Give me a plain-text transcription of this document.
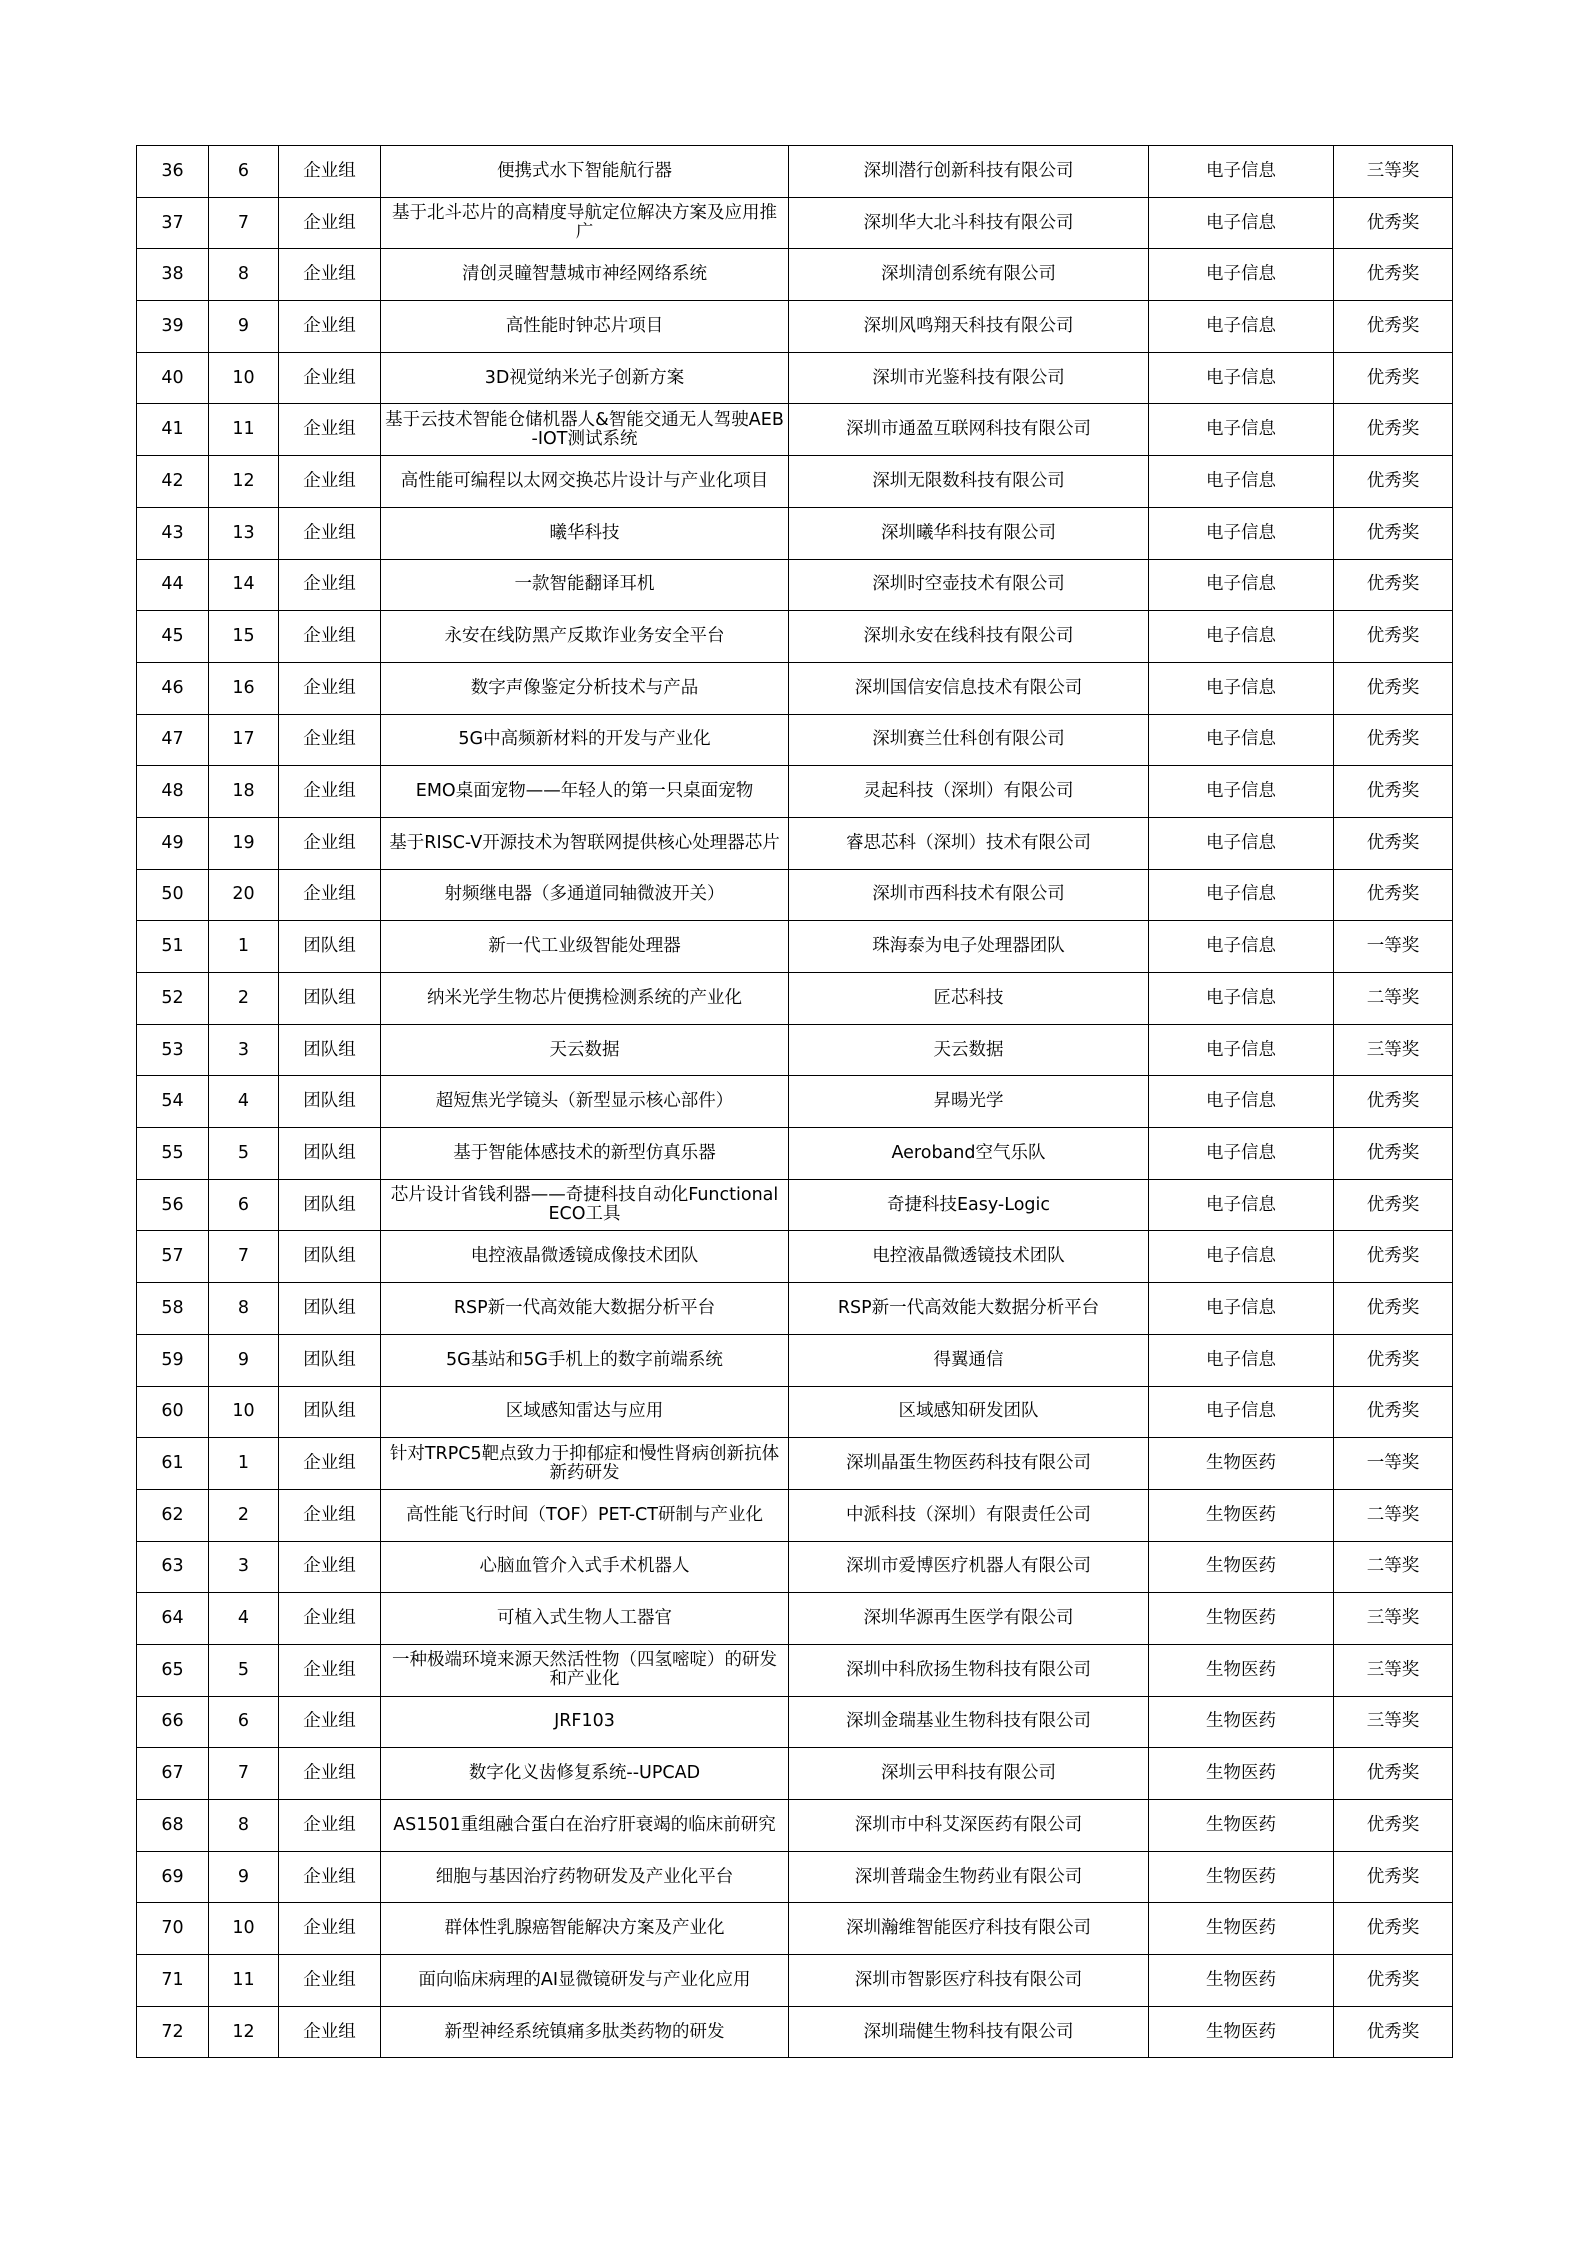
36	6	企业组	便携式水下智能航行器	深圳潜行创新科技有限公司	电子信息	三等奖
37	7	企业组	基于北斗芯片的高精度导航定位解决方案及应用推广	深圳华大北斗科技有限公司	电子信息	优秀奖
38	8	企业组	清创灵瞳智慧城市神经网络系统	深圳清创系统有限公司	电子信息	优秀奖
39	9	企业组	高性能时钟芯片项目	深圳风鸣翔天科技有限公司	电子信息	优秀奖
40	10	企业组	3D视觉纳米光子创新方案	深圳市光鉴科技有限公司	电子信息	优秀奖
41	11	企业组	基于云技术智能仓储机器人&智能交通无人驾驶AEB-IOT测试系统	深圳市通盈互联网科技有限公司	电子信息	优秀奖
42	12	企业组	高性能可编程以太网交换芯片设计与产业化项目	深圳无限数科技有限公司	电子信息	优秀奖
43	13	企业组	曦华科技	深圳曦华科技有限公司	电子信息	优秀奖
44	14	企业组	一款智能翻译耳机	深圳时空壶技术有限公司	电子信息	优秀奖
45	15	企业组	永安在线防黑产反欺诈业务安全平台	深圳永安在线科技有限公司	电子信息	优秀奖
46	16	企业组	数字声像鉴定分析技术与产品	深圳国信安信息技术有限公司	电子信息	优秀奖
47	17	企业组	5G中高频新材料的开发与产业化	深圳赛兰仕科创有限公司	电子信息	优秀奖
48	18	企业组	EMO桌面宠物——年轻人的第一只桌面宠物	灵起科技（深圳）有限公司	电子信息	优秀奖
49	19	企业组	基于RISC-V开源技术为智联网提供核心处理器芯片	睿思芯科（深圳）技术有限公司	电子信息	优秀奖
50	20	企业组	射频继电器（多通道同轴微波开关）	深圳市西科技术有限公司	电子信息	优秀奖
51	1	团队组	新一代工业级智能处理器	珠海泰为电子处理器团队	电子信息	一等奖
52	2	团队组	纳米光学生物芯片便携检测系统的产业化	匠芯科技	电子信息	二等奖
53	3	团队组	天云数据	天云数据	电子信息	三等奖
54	4	团队组	超短焦光学镜头（新型显示核心部件）	昇暘光学	电子信息	优秀奖
55	5	团队组	基于智能体感技术的新型仿真乐器	Aeroband空气乐队	电子信息	优秀奖
56	6	团队组	芯片设计省钱利器——奇捷科技自动化Functional ECO工具	奇捷科技Easy-Logic	电子信息	优秀奖
57	7	团队组	电控液晶微透镜成像技术团队	电控液晶微透镜技术团队	电子信息	优秀奖
58	8	团队组	RSP新一代高效能大数据分析平台	RSP新一代高效能大数据分析平台	电子信息	优秀奖
59	9	团队组	5G基站和5G手机上的数字前端系统	得翼通信	电子信息	优秀奖
60	10	团队组	区域感知雷达与应用	区域感知研发团队	电子信息	优秀奖
61	1	企业组	针对TRPC5靶点致力于抑郁症和慢性肾病创新抗体新药研发	深圳晶蛋生物医药科技有限公司	生物医药	一等奖
62	2	企业组	高性能飞行时间（TOF）PET-CT研制与产业化	中派科技（深圳）有限责任公司	生物医药	二等奖
63	3	企业组	心脑血管介入式手术机器人	深圳市爱博医疗机器人有限公司	生物医药	二等奖
64	4	企业组	可植入式生物人工器官	深圳华源再生医学有限公司	生物医药	三等奖
65	5	企业组	一种极端环境来源天然活性物（四氢嘧啶）的研发和产业化	深圳中科欣扬生物科技有限公司	生物医药	三等奖
66	6	企业组	JRF103	深圳金瑞基业生物科技有限公司	生物医药	三等奖
67	7	企业组	数字化义齿修复系统--UPCAD	深圳云甲科技有限公司	生物医药	优秀奖
68	8	企业组	AS1501重组融合蛋白在治疗肝衰竭的临床前研究	深圳市中科艾深医药有限公司	生物医药	优秀奖
69	9	企业组	细胞与基因治疗药物研发及产业化平台	深圳普瑞金生物药业有限公司	生物医药	优秀奖
70	10	企业组	群体性乳腺癌智能解决方案及产业化	深圳瀚维智能医疗科技有限公司	生物医药	优秀奖
71	11	企业组	面向临床病理的AI显微镜研发与产业化应用	深圳市智影医疗科技有限公司	生物医药	优秀奖
72	12	企业组	新型神经系统镇痛多肽类药物的研发	深圳瑞健生物科技有限公司	生物医药	优秀奖
